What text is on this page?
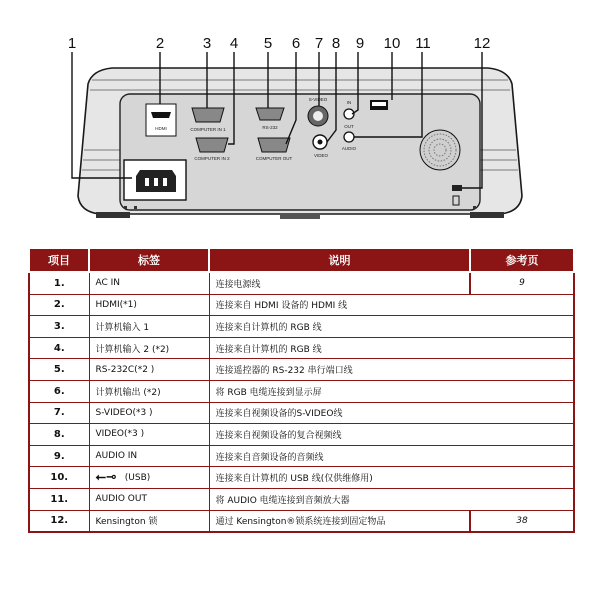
HDMI	COMPUTER IN 1
COMPUTER IN 2
RS-232
COMPUTER OUT
S-VIDEO
VIDEO
IN
OUT
AUDIO
1	2	3 4 5 6 7 8 9 10 11	12
项目	标签	说明	参考页
1.	AC IN	连接电源线	9
2.	HDMI(*1)	连接来自 HDMI 设备的 HDMI 线	
3.	计算机输入 1	连接来自计算机的 RGB 线	
4.	计算机输入 2 (*2)	连接来自计算机的 RGB 线	
5.	RS-232C(*2 )	连接遥控器的 RS-232 串行端口线	
6.	计算机输出 (*2)	将 RGB 电缆连接到显示屏	
7.	S-VIDEO(*3 )	连接来自视频设备的S-VIDEO线	
8.	VIDEO(*3 )	连接来自视频设备的复合视频线	
9.	AUDIO IN	连接来自音频设备的音频线	
10.	⭠⊸ (USB)	连接来自计算机的 USB 线(仅供维修用)	
11.	AUDIO OUT	将 AUDIO 电缆连接到音频放大器	
12.	Kensington 锁	通过 Kensington®锁系统连接到固定物品	38
